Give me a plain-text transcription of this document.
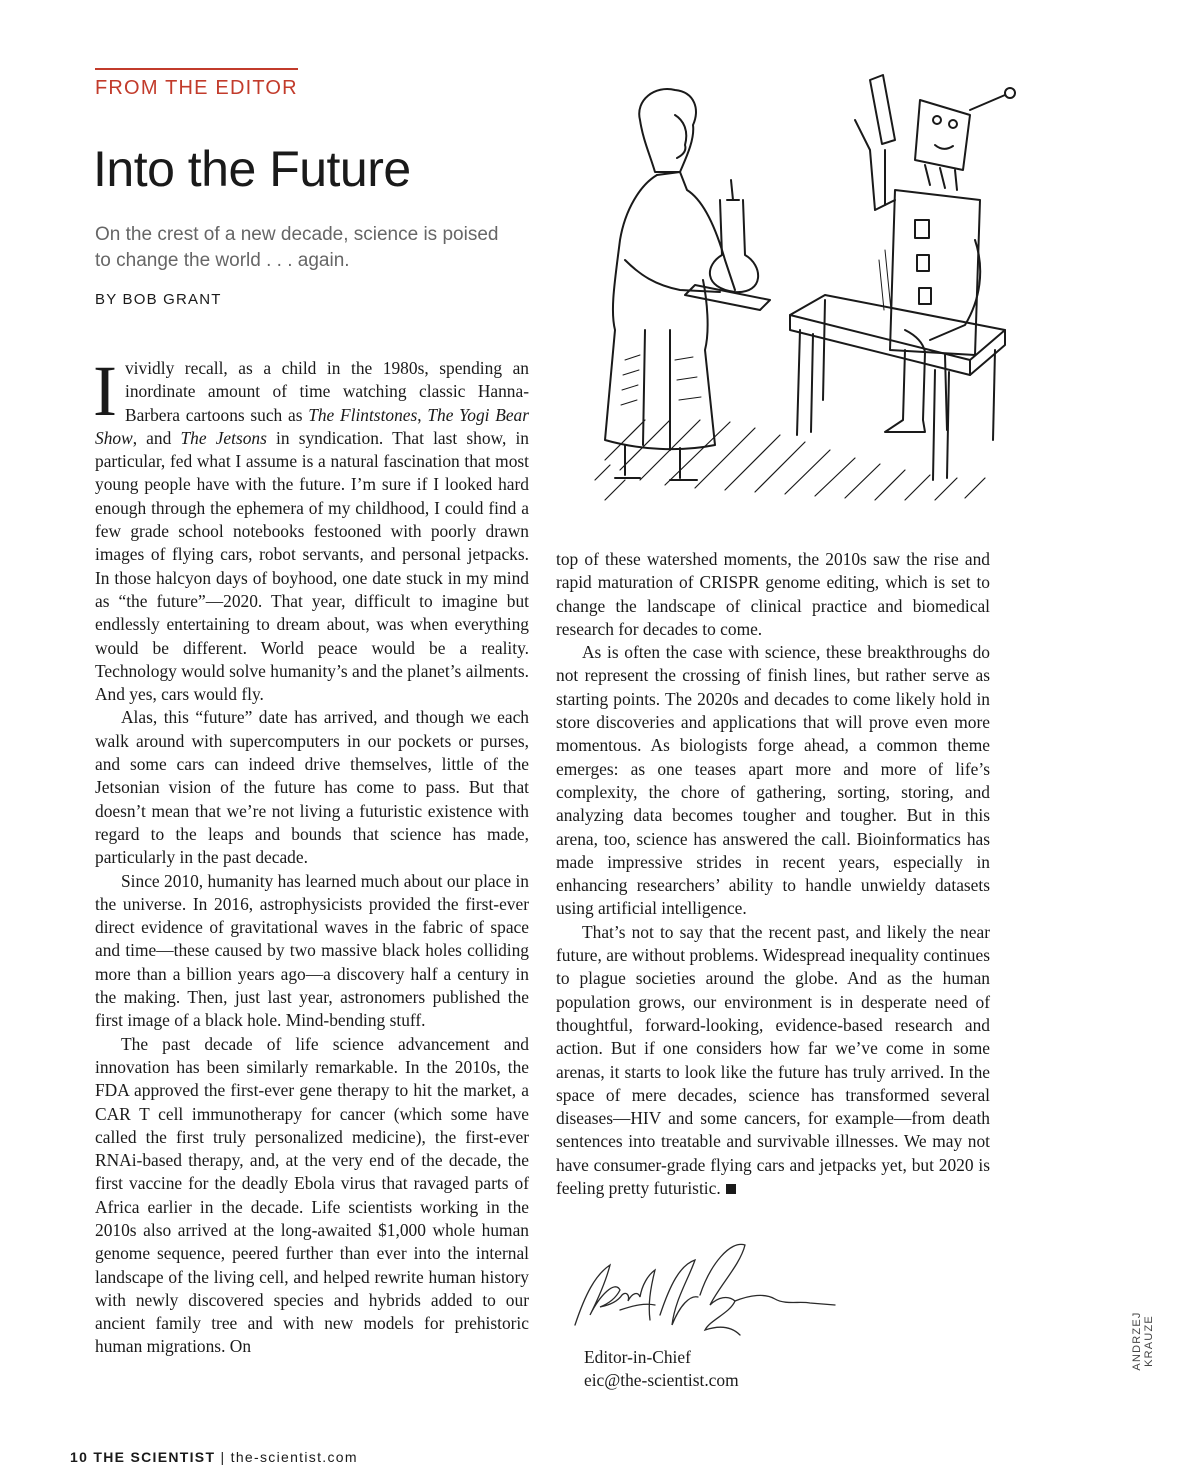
FROM THE EDITOR
Into the Future

On the crest of a new decade, science is poised to change the world . . . again.

BY BOB GRANT

Ivividly recall, as a child in the 1980s, spending an inordinate amount of time watching classic Hanna-Barbera cartoons such as The Flintstones, The Yogi Bear Show, and The Jetsons in syndication. That last show, in particular, fed what I assume is a natural fascination that most young people have with the future. I’m sure if I looked hard enough through the ephemera of my childhood, I could find a few grade school notebooks festooned with poorly drawn images of flying cars, robot servants, and personal jetpacks. In those halcyon days of boyhood, one date stuck in my mind as “the future”—2020. That year, difficult to imagine but endlessly entertaining to dream about, was when everything would be different. World peace would be a reality. Technology would solve humanity’s and the planet’s ailments. And yes, cars would fly.

Alas, this “future” date has arrived, and though we each walk around with supercomputers in our pockets or purses, and some cars can indeed drive themselves, little of the Jetsonian vision of the future has come to pass. But that doesn’t mean that we’re not living a futuristic existence with regard to the leaps and bounds that science has made, particularly in the past decade.

Since 2010, humanity has learned much about our place in the universe. In 2016, astrophysicists provided the first-ever direct evidence of gravitational waves in the fabric of space and time—these caused by two massive black holes colliding more than a billion years ago—a discovery half a century in the making. Then, just last year, astronomers published the first image of a black hole. Mind-bending stuff.

The past decade of life science advancement and innovation has been similarly remarkable. In the 2010s, the FDA approved the first-ever gene therapy to hit the market, a CAR T cell immunotherapy for cancer (which some have called the first truly personalized medicine), the first-ever RNAi-based therapy, and, at the very end of the decade, the first vaccine for the deadly Ebola virus that ravaged parts of Africa earlier in the decade. Life scientists working in the 2010s also arrived at the long-awaited $1,000 whole human genome sequence, peered further than ever into the internal landscape of the living cell, and helped rewrite human history with newly discovered species and hybrids added to our ancient family tree and with new models for prehistoric human migrations. On

top of these watershed moments, the 2010s saw the rise and rapid maturation of CRISPR genome editing, which is set to change the landscape of clinical practice and biomedical research for decades to come.

As is often the case with science, these breakthroughs do not represent the crossing of finish lines, but rather serve as starting points. The 2020s and decades to come likely hold in store discoveries and applications that will prove even more momentous. As biologists forge ahead, a common theme emerges: as one teases apart more and more of life’s complexity, the chore of gathering, sorting, storing, and analyzing data becomes tougher and tougher. But in this arena, too, science has answered the call. Bioinformatics has made impressive strides in recent years, especially in enhancing researchers’ ability to handle unwieldy datasets using artificial intelligence.

That’s not to say that the recent past, and likely the near future, are without problems. Widespread inequality continues to plague societies around the globe. And as the human population grows, our environment is in desperate need of thoughtful, forward-looking, evidence-based research and action. But if one considers how far we’ve come in some arenas, it starts to look like the future has truly arrived. In the space of mere decades, science has transformed several diseases—HIV and some cancers, for example—from death sentences into treatable and survivable illnesses. We may not have consumer-grade flying cars and jetpacks yet, but 2020 is feeling pretty futuristic.

Editor-in-Chief
eic@the-scientist.com
ANDRZEJ KRAUZE
10 THE SCIENTIST | the-scientist.com
